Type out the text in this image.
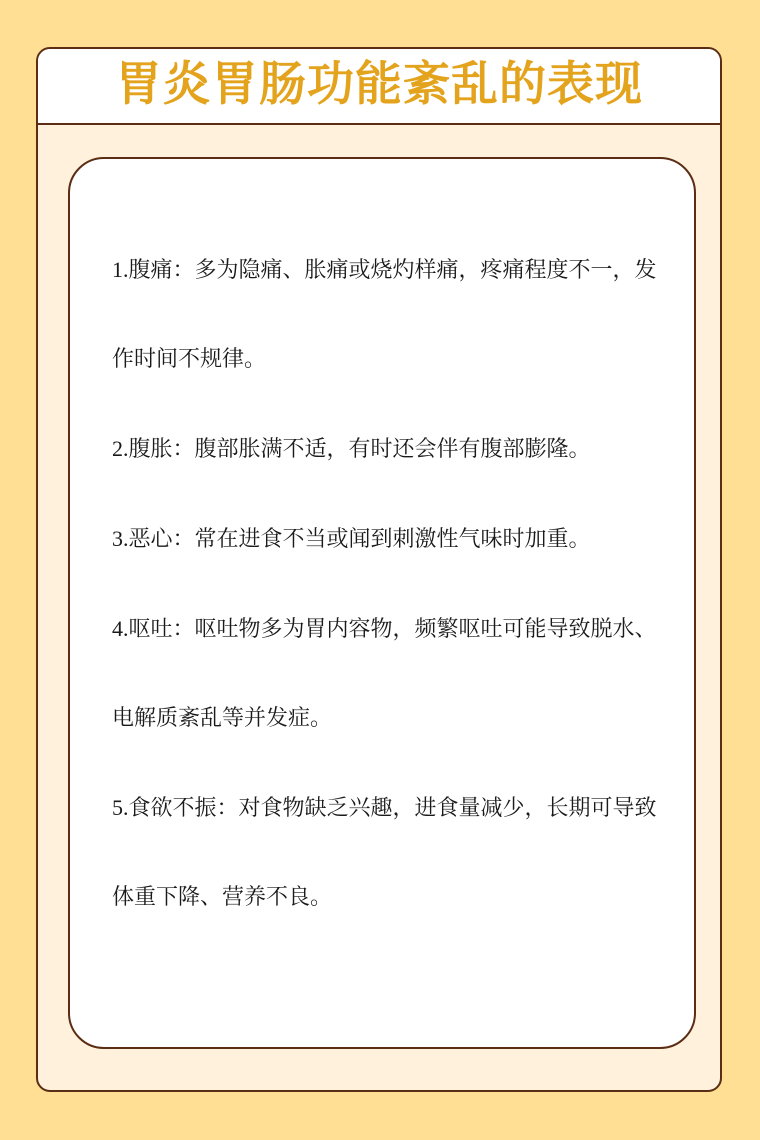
胃炎胃肠功能紊乱的表现

1.腹痛：多为隐痛、胀痛或烧灼样痛，疼痛程度不一，发作时间不规律。

2.腹胀：腹部胀满不适，有时还会伴有腹部膨隆。

3.恶心：常在进食不当或闻到刺激性气味时加重。

4.呕吐：呕吐物多为胃内容物，频繁呕吐可能导致脱水、电解质紊乱等并发症。

5.食欲不振：对食物缺乏兴趣，进食量减少，长期可导致体重下降、营养不良。
